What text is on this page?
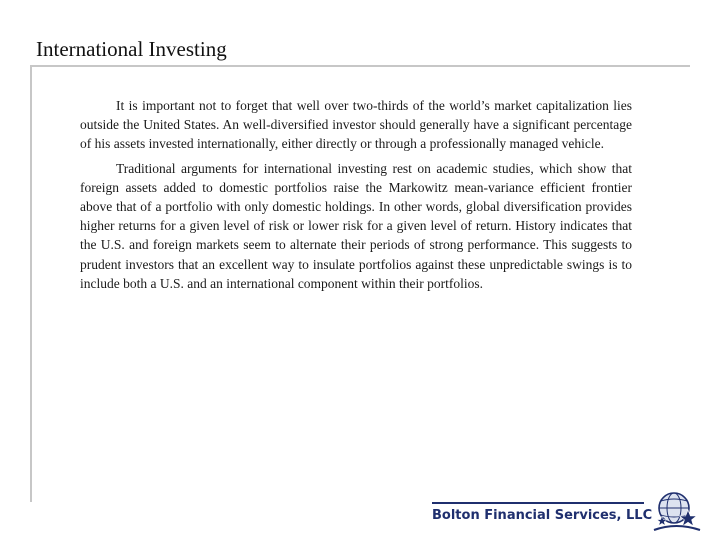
International Investing

It is important not to forget that well over two-thirds of the world’s market capitalization lies outside the United States. An well-diversified investor should generally have a significant percentage of his assets invested internationally, either directly or through a professionally managed vehicle.

Traditional arguments for international investing rest on academic studies, which show that foreign assets added to domestic portfolios raise the Markowitz mean-variance efficient frontier above that of a portfolio with only domestic holdings. In other words, global diversification provides higher returns for a given level of risk or lower risk for a given level of return. History indicates that the U.S. and foreign markets seem to alternate their periods of strong performance. This suggests to prudent investors that an excellent way to insulate portfolios against these unpredictable swings is to include both a U.S. and an international component within their portfolios.

Bolton Financial Services, LLC
